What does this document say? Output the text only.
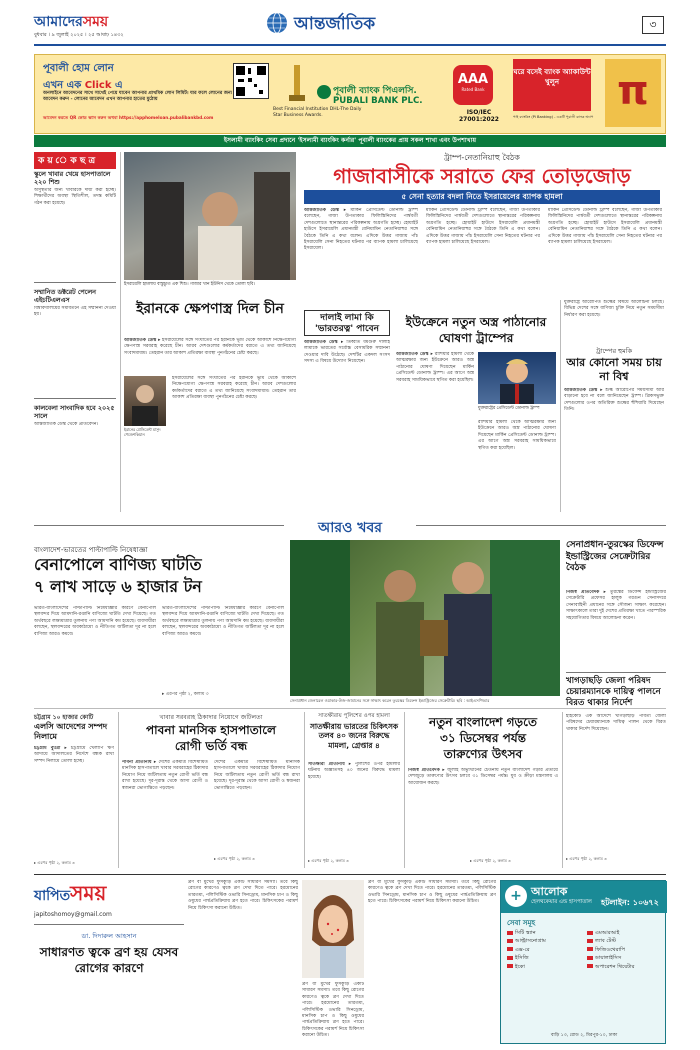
আমাদেরসময়
বুধবার । ৯ জুলাই ২০২৫ । ২৫ আষাঢ় ১৪৩২
আন্তর্জাতিক	৩
পূবালী হোম লোন
এখন এক Click এ
অনলাইনে আবেদনের সাথে সাথেই পেয়ে যাবেন আপনার প্রাথমিক লোন লিমিট। যার ফলে লোনের জন্য আবেদন করুন - লোনের আবেদন এখন আপনার হাতের মুঠোয়
আবেদন করতে QR কোড স্ক্যান করুন অথবা https://apphomeloan.pubalibankbd.com
Best Financial Institution DHL-The Daily Star Business Awards.
পূবালী ব্যাংক পিএলসি.
PUBALI BANK PLC.
AAA
Rated Bank
ISO/IEC 27001:2022
ঘরে বসেই ব্যাংক অ্যাকাউন্ট খুলুন
পাই ব্যাংকিং (Pi Banking) - একটি পূবালী ব্যাংক অ্যাপ
π
ইসলামী ব্যাংকিং সেবা প্রদানে 'ইসলামী ব্যাংকিং কর্নার' পূবালী ব্যাংকের প্রায় সকল শাখা এবং উপশাখায়
ক য় ে ক ছ ত্র
স্কুলে খাবার খেয়ে হাসপাতালে ২২০ শিশু
অসুস্থতার জন্য খাবারকে দায়ী করা হচ্ছে। শিক্ষার্থীদের অবস্থা স্থিতিশীল, তদন্ত কমিটি গঠন করা হয়েছে।
সম্মানিত ডক্টরেট পেলেন এইচটিএলএস
বিশ্ববিদ্যালয়ের সমাবর্তনে এই সম্মাননা দেওয়া হয়।
কালবেলা সাংবাদিক হবে ২০২৫ সালে
আন্তর্জাতিক ডেস্ক থেকে প্রতিবেদন।
ইসরায়েলি হামলায় বাস্তুচ্যুত এক শিশু। গাজার খান ইউনিস থেকে তোলা ছবি।
ট্রাম্প-নেতানিয়াহু বৈঠক
গাজাবাসীকে সরাতে ফের তোড়জোড়
৫ সেনা হত্যার বদলা নিতে ইসরায়েলের ব্যাপক হামলা
আন্তর্জাতিক ডেস্ক ▸ মার্কিন প্রেসিডেন্ট ডোনাল্ড ট্রাম্প বলেছেন, গাজা উপত্যকার ফিলিস্তিনিদের পার্শ্ববর্তী দেশগুলোতে স্থানান্তরের পরিকল্পনায় অগ্রগতি হচ্ছে। হোয়াইট হাউসে ইসরায়েলি প্রধানমন্ত্রী বেনিয়ামিন নেতানিয়াহুর সঙ্গে বৈঠকে তিনি এ কথা বলেন। এদিকে উত্তর গাজায় পাঁচ ইসরায়েলি সেনা নিহতের ঘটনার পর ব্যাপক হামলা চালিয়েছে ইসরায়েল।
মার্কিন প্রেসিডেন্ট ডোনাল্ড ট্রাম্প বলেছেন, গাজা উপত্যকার ফিলিস্তিনিদের পার্শ্ববর্তী দেশগুলোতে স্থানান্তরের পরিকল্পনায় অগ্রগতি হচ্ছে। হোয়াইট হাউসে ইসরায়েলি প্রধানমন্ত্রী বেনিয়ামিন নেতানিয়াহুর সঙ্গে বৈঠকে তিনি এ কথা বলেন। এদিকে উত্তর গাজায় পাঁচ ইসরায়েলি সেনা নিহতের ঘটনার পর ব্যাপক হামলা চালিয়েছে ইসরায়েল।
মার্কিন প্রেসিডেন্ট ডোনাল্ড ট্রাম্প বলেছেন, গাজা উপত্যকার ফিলিস্তিনিদের পার্শ্ববর্তী দেশগুলোতে স্থানান্তরের পরিকল্পনায় অগ্রগতি হচ্ছে। হোয়াইট হাউসে ইসরায়েলি প্রধানমন্ত্রী বেনিয়ামিন নেতানিয়াহুর সঙ্গে বৈঠকে তিনি এ কথা বলেন। এদিকে উত্তর গাজায় পাঁচ ইসরায়েলি সেনা নিহতের ঘটনার পর ব্যাপক হামলা চালিয়েছে ইসরায়েল।
ইরানকে ক্ষেপণাস্ত্র দিল চীন
আন্তর্জাতিক ডেস্ক ▸ ইসরায়েলের সঙ্গে সংঘাতের পর ইরানকে ভূমি থেকে আকাশে নিক্ষেপযোগ্য ক্ষেপণাস্ত্র সরবরাহ করেছে চীন। আরব দেশগুলোর কর্মকর্তাদের বরাতে এ তথ্য জানিয়েছে সংবাদমাধ্যম। তেহরান তার আকাশ প্রতিরক্ষা ব্যবস্থা পুনর্গঠনের চেষ্টা করছে।
ইরানের প্রেসিডেন্ট মাসুদ পেজেশকিয়ান
ইসরায়েলের সঙ্গে সংঘাতের পর ইরানকে ভূমি থেকে আকাশে নিক্ষেপযোগ্য ক্ষেপণাস্ত্র সরবরাহ করেছে চীন। আরব দেশগুলোর কর্মকর্তাদের বরাতে এ তথ্য জানিয়েছে সংবাদমাধ্যম। তেহরান তার আকাশ প্রতিরক্ষা ব্যবস্থা পুনর্গঠনের চেষ্টা করছে।
দালাই লামা কি 'ভারতরত্ন' পাবেন
আন্তর্জাতিক ডেস্ক ▸ তিব্বতি ধর্মগুরু দালাই লামাকে ভারতের সর্বোচ্চ বেসামরিক সম্মাননা দেওয়ার দাবি উঠেছে। দেশটির একদল সংসদ সদস্য এ বিষয়ে উদ্যোগ নিয়েছেন।
ইউক্রেনে নতুন অস্ত্র পাঠানোর ঘোষণা ট্রাম্পের
আন্তর্জাতিক ডেস্ক ▸ রাশিয়ার হামলা থেকে আত্মরক্ষার জন্য ইউক্রেনে আরও অস্ত্র পাঠানোর ঘোষণা দিয়েছেন মার্কিন প্রেসিডেন্ট ডোনাল্ড ট্রাম্প। এর আগে অস্ত্র সরবরাহ সাময়িকভাবে স্থগিত করা হয়েছিল।
যুক্তরাষ্ট্রের প্রেসিডেন্ট ডোনাল্ড ট্রাম্প
রাশিয়ার হামলা থেকে আত্মরক্ষার জন্য ইউক্রেনে আরও অস্ত্র পাঠানোর ঘোষণা দিয়েছেন মার্কিন প্রেসিডেন্ট ডোনাল্ড ট্রাম্প। এর আগে অস্ত্র সরবরাহ সাময়িকভাবে স্থগিত করা হয়েছিল।
যুক্তরাষ্ট্রে আরোপিত শুল্কের বিষয়ে আলোচনা চলছে। বিভিন্ন দেশের সঙ্গে বাণিজ্য চুক্তি নিয়ে নতুন সময়সীমা নির্ধারণ করা হয়েছে।
ট্রাম্পের হুমকি
আর কোনো সময় চায় না বিশ্ব
আন্তর্জাতিক ডেস্ক ▸ শুল্ক আরোপের সময়সীমা আর বাড়ানো হবে না বলে জানিয়েছেন ট্রাম্প। ব্রিকসভুক্ত দেশগুলোর ওপর অতিরিক্ত শুল্কের হুঁশিয়ারি দিয়েছেন তিনি।
আরও খবর
বাংলাদেশ-ভারতের পাল্টাপাল্টি নিষেধাজ্ঞা
বেনাপোলে বাণিজ্য ঘাটতি
৭ লাখ সাড়ে ৬ হাজার টন
ভারত-বাংলাদেশের পাল্টাপাল্টি নিষেধাজ্ঞার কারণে বেনাপোল স্থলবন্দর দিয়ে আমদানি-রপ্তানি বাণিজ্যে ঘাটতি দেখা দিয়েছে। গত অর্থবছরে লক্ষ্যমাত্রার তুলনায় পণ্য আমদানি কম হয়েছে। ব্যবসায়ীরা বলছেন, স্থলবন্দরের অবকাঠামো ও নীতিগত জটিলতা দূর না হলে বাণিজ্য আরও কমবে।
ভারত-বাংলাদেশের পাল্টাপাল্টি নিষেধাজ্ঞার কারণে বেনাপোল স্থলবন্দর দিয়ে আমদানি-রপ্তানি বাণিজ্যে ঘাটতি দেখা দিয়েছে। গত অর্থবছরে লক্ষ্যমাত্রার তুলনায় পণ্য আমদানি কম হয়েছে। ব্যবসায়ীরা বলছেন, স্থলবন্দরের অবকাঠামো ও নীতিগত জটিলতা দূর না হলে বাণিজ্য আরও কমবে।
▸ এরপর পৃষ্ঠা ২, কলাম ৩
সেনাপ্রধান জেনারেল ওয়াকার-উজ-জামানের সঙ্গে সাক্ষাৎ করেন তুরস্কের ডিফেন্স ইন্ডাস্ট্রিজের সেক্রেটারি। ছবি : আইএসপিআর
সেনাপ্রধান-তুরস্কের ডিফেন্স ইন্ডাস্ট্রিজের সেক্রেটারির বৈঠক
নিজস্ব প্রতিবেদক ▸ তুরস্কের ডিফেন্স ইন্ডাস্ট্রিজের সেক্রেটারি প্রফেসর হালুক গরগুন সেনাসদরে সেনাবাহিনী প্রধানের সঙ্গে সৌজন্য সাক্ষাৎ করেছেন। সাক্ষাৎকালে তারা দুই দেশের প্রতিরক্ষা খাতে পারস্পরিক সহযোগিতার বিষয়ে আলোচনা করেন।
খাগড়াছড়ি জেলা পরিষদ চেয়ারম্যানকে দায়িত্ব পালনে বিরত থাকার নির্দেশ
চট্টগ্রাম ১০ হাজার কোটি
এলসি আদেশের সম্পদ নিলামে
চট্টগ্রাম ব্যুরো ▸ চট্টগ্রামে খেলাপি ঋণ আদায়ে আদালতের নির্দেশে বন্ধক রাখা সম্পদ নিলামে তোলা হচ্ছে।
▸ এরপর পৃষ্ঠা ২, কলাম ৩
খাবার সরবরাহ ঠিকাদার নিয়োগে জটিলতা
পাবনা মানসিক হাসপাতালে
রোগী ভর্তি বন্ধ
পাবনা প্রতিনিধি ▸ দেশের একমাত্র বিশেষায়িত মানসিক হাসপাতালে খাবার সরবরাহের ঠিকাদার নিয়োগ নিয়ে জটিলতায় নতুন রোগী ভর্তি বন্ধ রাখা হয়েছে। দূর-দূরান্ত থেকে আসা রোগী ও স্বজনরা ভোগান্তিতে পড়ছেন।
দেশের একমাত্র বিশেষায়িত মানসিক হাসপাতালে খাবার সরবরাহের ঠিকাদার নিয়োগ নিয়ে জটিলতায় নতুন রোগী ভর্তি বন্ধ রাখা হয়েছে। দূর-দূরান্ত থেকে আসা রোগী ও স্বজনরা ভোগান্তিতে পড়ছেন।
▸ এরপর পৃষ্ঠা ২, কলাম ৩
সাতক্ষীরায় পুলিশের ওপর হামলা
সাতক্ষীরায় ভারতের চিকিৎসক তলব ৪০ জনের বিরুদ্ধে মামলা, গ্রেপ্তার ৪
সাতক্ষীরা প্রতিনিধি ▸ পুলিশের ওপর হামলার ঘটনায় অজ্ঞাতসহ ৪০ জনের বিরুদ্ধে মামলা হয়েছে।
▸ এরপর পৃষ্ঠা ২, কলাম ৩
নতুন বাংলাদেশ গড়তে
৩১ ডিসেম্বর পর্যন্ত
তারুণ্যের উৎসব
নিজস্ব প্রতিবেদক ▸ জুলাই অভ্যুত্থানের চেতনায় নতুন বাংলাদেশ গড়ার প্রত্যয়ে দেশজুড়ে তারুণ্যের উৎসব চলবে ৩১ ডিসেম্বর পর্যন্ত। যুব ও ক্রীড়া মন্ত্রণালয় এ আয়োজন করছে।
▸ এরপর পৃষ্ঠা ২, কলাম ৩
হাইকোর্ট এক আদেশে খাগড়াছড়ি পার্বত্য জেলা পরিষদের চেয়ারম্যানকে দায়িত্ব পালন থেকে বিরত থাকার নির্দেশ দিয়েছেন।
▸ এরপর পৃষ্ঠা ২, কলাম ৩
যাপিতসময়
japitoshomoy@gmail.com
ডা. দিদারুল আহসান
সাধারণত ত্বকে ব্রণ হয় যেসব রোগের কারণে
ব্রণ বা মুখের ফুসকুড়ি একটি সাধারণ সমস্যা। তবে কিছু রোগের কারণেও ত্বকে ব্রণ দেখা দিতে পারে। হরমোনের তারতম্য, পলিসিস্টিক ওভারি সিনড্রোম, মানসিক চাপ ও কিছু ওষুধের পার্শ্বপ্রতিক্রিয়ায় ব্রণ হতে পারে। চিকিৎসকের পরামর্শ নিয়ে চিকিৎসা করানো উচিত।
ব্রণ বা মুখের ফুসকুড়ি একটি সাধারণ সমস্যা। তবে কিছু রোগের কারণেও ত্বকে ব্রণ দেখা দিতে পারে। হরমোনের তারতম্য, পলিসিস্টিক ওভারি সিনড্রোম, মানসিক চাপ ও কিছু ওষুধের পার্শ্বপ্রতিক্রিয়ায় ব্রণ হতে পারে। চিকিৎসকের পরামর্শ নিয়ে চিকিৎসা করানো উচিত।
ব্রণ বা মুখের ফুসকুড়ি একটি সাধারণ সমস্যা। তবে কিছু রোগের কারণেও ত্বকে ব্রণ দেখা দিতে পারে। হরমোনের তারতম্য, পলিসিস্টিক ওভারি সিনড্রোম, মানসিক চাপ ও কিছু ওষুধের পার্শ্বপ্রতিক্রিয়ায় ব্রণ হতে পারে। চিকিৎসকের পরামর্শ নিয়ে চিকিৎসা করানো উচিত।	+ আলোক
হেলথকেয়ার এন্ড হাসপাতাল হটলাইন: ১০৬৭২
সেবা সমূহ
সিটি স্ক্যান
আল্ট্রাসনোগ্রাম
এক্স-রে
ইসিজি
ইকো
এমআরআই
ল্যাব টেস্ট
ফিজিওথেরাপি
ডায়ালাইসিস
অপারেশন থিয়েটার
বাড়ি ১৩, রোড ২, মিরপুর-১০, ঢাকা
